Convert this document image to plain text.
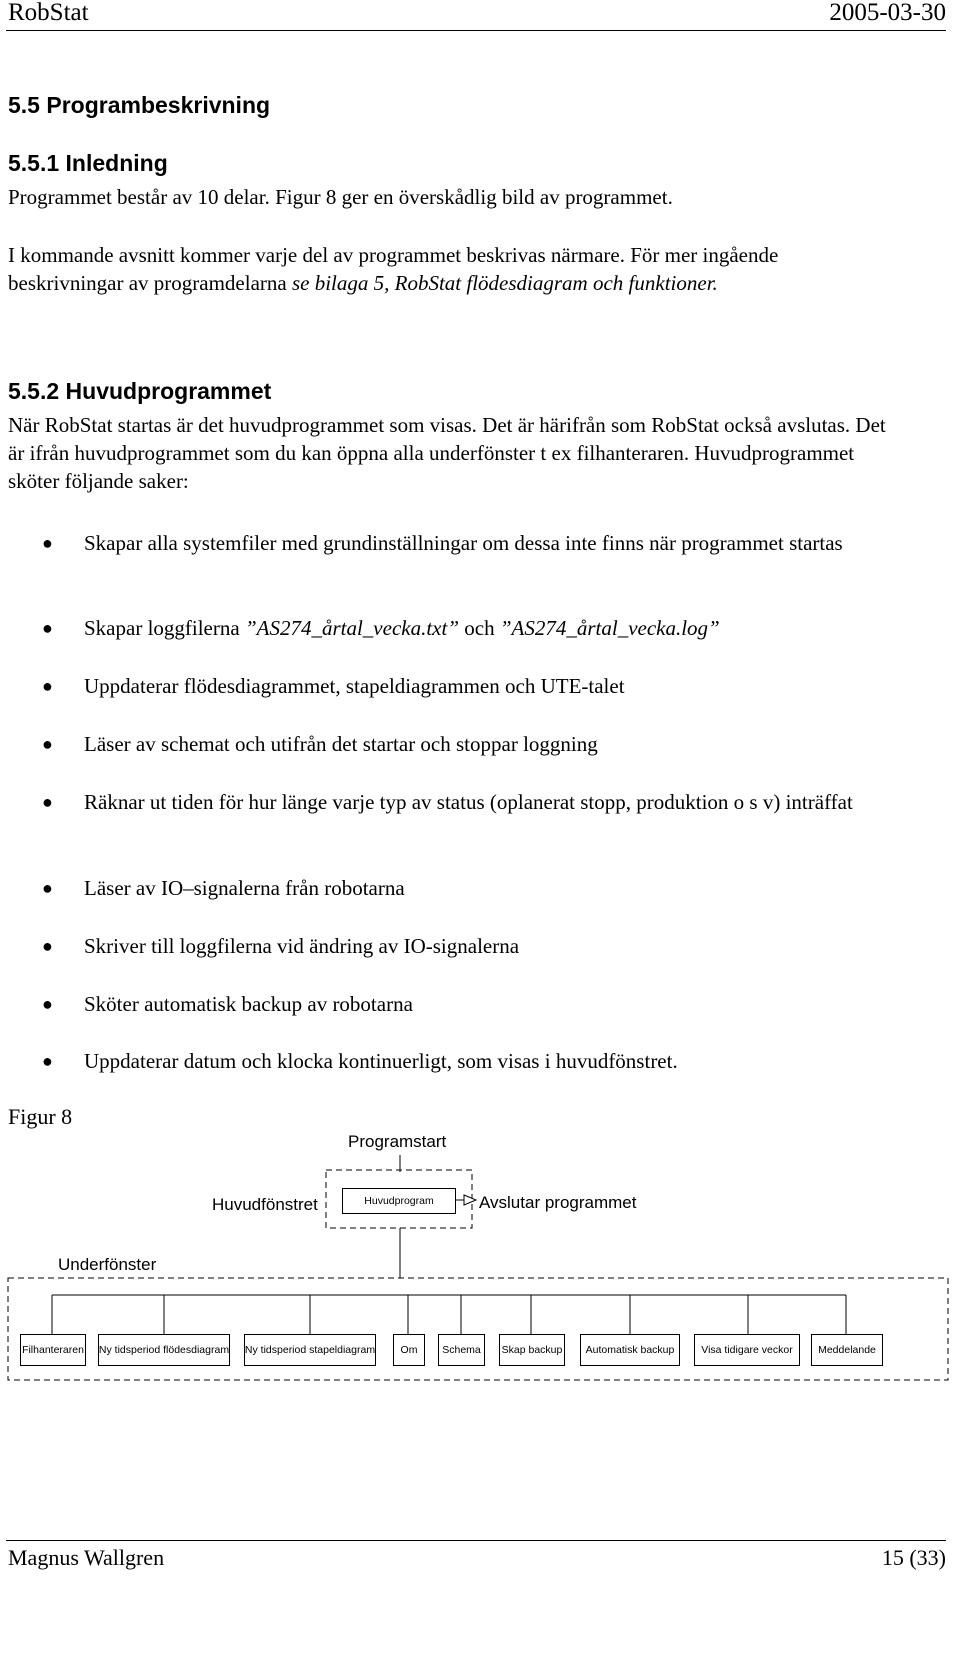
RobStat	2005-03-30
5.5 Programbeskrivning
5.5.1 Inledning
Programmet består av 10 delar. Figur 8 ger en överskådlig bild av programmet.
I kommande avsnitt kommer varje del av programmet beskrivas närmare. För mer ingående beskrivningar av programdelarna se bilaga 5, RobStat flödesdiagram och funktioner.
5.5.2 Huvudprogrammet
När RobStat startas är det huvudprogrammet som visas. Det är härifrån som RobStat också avslutas. Det är ifrån huvudprogrammet som du kan öppna alla underfönster t ex filhanteraren. Huvudprogrammet sköter följande saker:
● Skapar alla systemfiler med grundinställningar om dessa inte finns när programmet startas
● Skapar loggfilerna ”AS274_årtal_vecka.txt” och ”AS274_årtal_vecka.log”
● Uppdaterar flödesdiagrammet, stapeldiagrammen och UTE-talet
● Läser av schemat och utifrån det startar och stoppar loggning
● Räknar ut tiden för hur länge varje typ av status (oplanerat stopp, produktion o s v) inträffat
● Läser av IO–signalerna från robotarna
● Skriver till loggfilerna vid ändring av IO-signalerna
● Sköter automatisk backup av robotarna
● Uppdaterar datum och klocka kontinuerligt, som visas i huvudfönstret.
Figur 8
Programstart
Huvudfönstret	Huvudprogram	Avslutar programmet
Underfönster
Filhanteraren Ny tidsperiod flödesdiagram Ny tidsperiod stapeldiagram	Om	Schema	Skap backup	Automatisk backup	Visa tidigare veckor	Meddelande
Magnus Wallgren	15 (33)
